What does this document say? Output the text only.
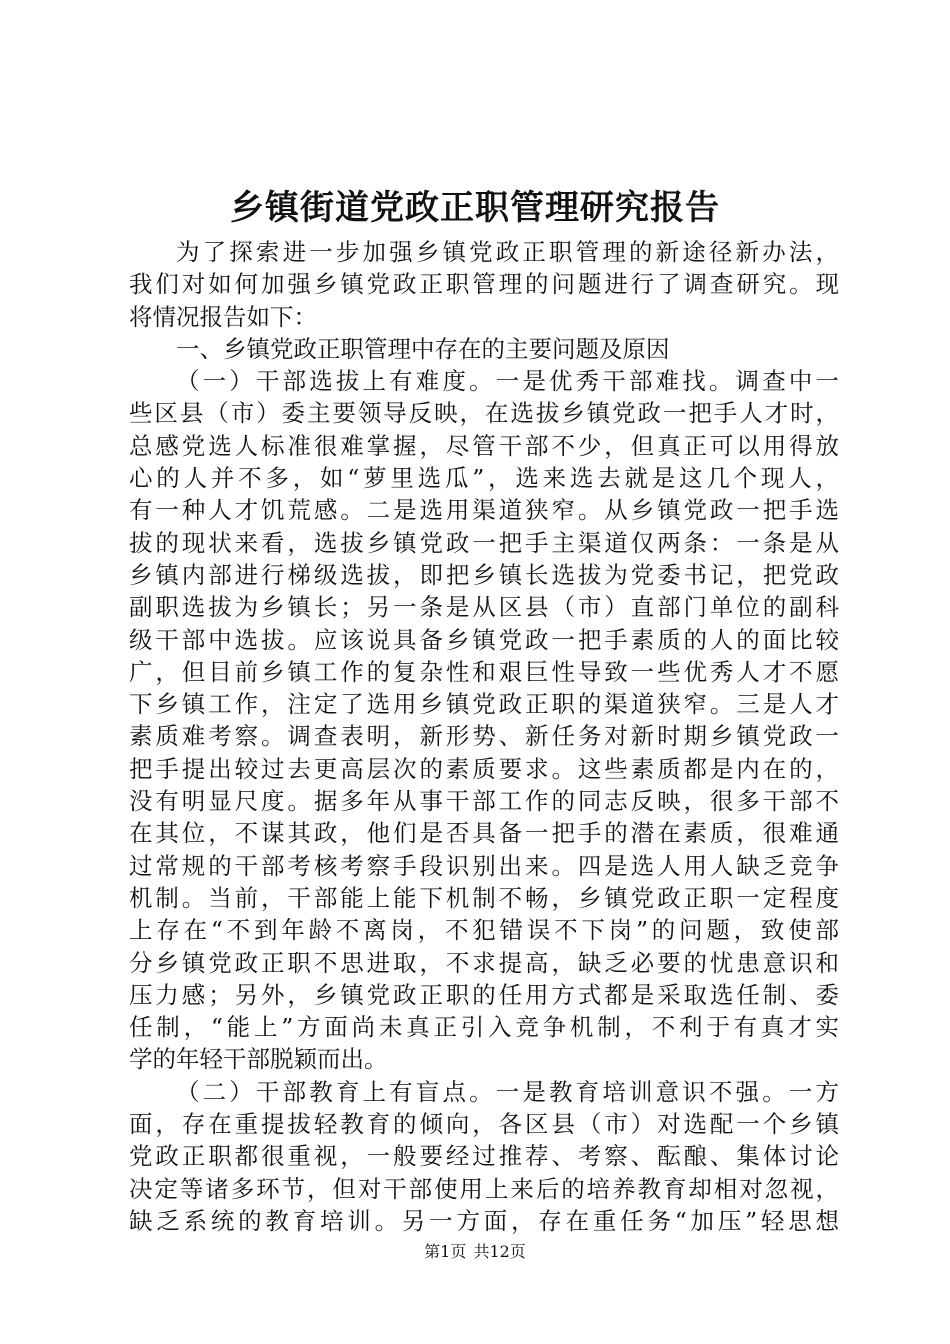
乡镇街道党政正职管理研究报告
为了探索进一步加强乡镇党政正职管理的新途径新办法，
我们对如何加强乡镇党政正职管理的问题进行了调查研究。现
将情况报告如下：
一、乡镇党政正职管理中存在的主要问题及原因
（一）干部选拔上有难度。一是优秀干部难找。调查中一
些区县（市）委主要领导反映，在选拔乡镇党政一把手人才时，
总感党选人标准很难掌握，尽管干部不少，但真正可以用得放
心的人并不多，如“萝里选瓜”，选来选去就是这几个现人，
有一种人才饥荒感。二是选用渠道狭窄。从乡镇党政一把手选
拔的现状来看，选拔乡镇党政一把手主渠道仅两条：一条是从
乡镇内部进行梯级选拔，即把乡镇长选拔为党委书记，把党政
副职选拔为乡镇长；另一条是从区县（市）直部门单位的副科
级干部中选拔。应该说具备乡镇党政一把手素质的人的面比较
广，但目前乡镇工作的复杂性和艰巨性导致一些优秀人才不愿
下乡镇工作，注定了选用乡镇党政正职的渠道狭窄。三是人才
素质难考察。调查表明，新形势、新任务对新时期乡镇党政一
把手提出较过去更高层次的素质要求。这些素质都是内在的，
没有明显尺度。据多年从事干部工作的同志反映，很多干部不
在其位，不谋其政，他们是否具备一把手的潜在素质，很难通
过常规的干部考核考察手段识别出来。四是选人用人缺乏竞争
机制。当前，干部能上能下机制不畅，乡镇党政正职一定程度
上存在“不到年龄不离岗，不犯错误不下岗”的问题，致使部
分乡镇党政正职不思进取，不求提高，缺乏必要的忧患意识和
压力感；另外，乡镇党政正职的任用方式都是采取选任制、委
任制，“能上”方面尚未真正引入竞争机制，不利于有真才实
学的年轻干部脱颖而出。
（二）干部教育上有盲点。一是教育培训意识不强。一方
面，存在重提拔轻教育的倾向，各区县（市）对选配一个乡镇
党政正职都很重视，一般要经过推荐、考察、酝酿、集体讨论
决定等诸多环节，但对干部使用上来后的培养教育却相对忽视，
缺乏系统的教育培训。另一方面，存在重任务“加压”轻思想
第1页 共12页
